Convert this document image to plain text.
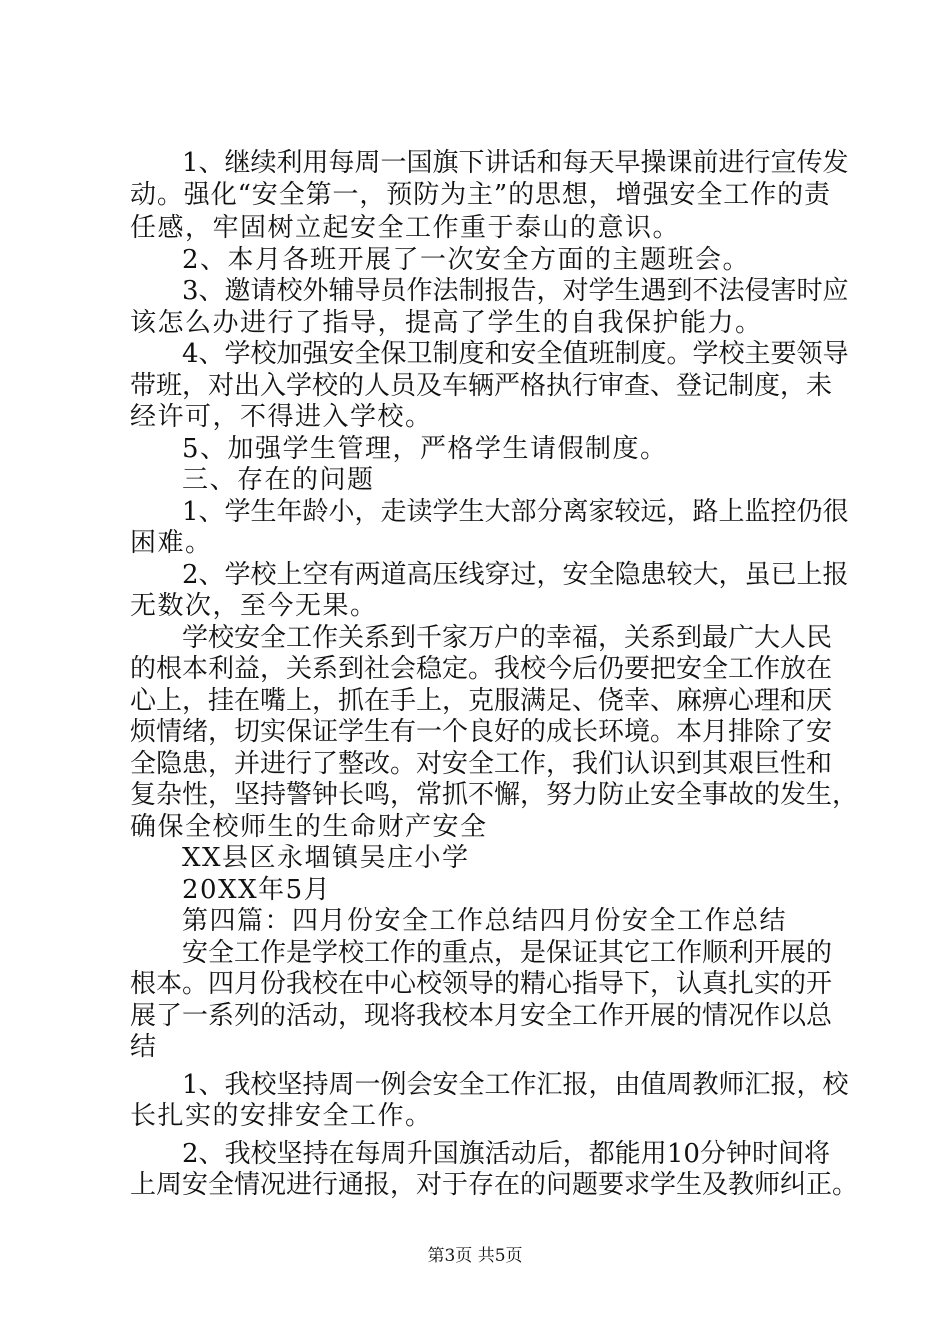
1、继续利用每周一国旗下讲话和每天早操课前进行宣传发
动。强化“安全第一，预防为主”的思想，增强安全工作的责
任感，牢固树立起安全工作重于泰山的意识。
2、本月各班开展了一次安全方面的主题班会。
3、邀请校外辅导员作法制报告，对学生遇到不法侵害时应
该怎么办进行了指导，提高了学生的自我保护能力。
4、学校加强安全保卫制度和安全值班制度。学校主要领导
带班，对出入学校的人员及车辆严格执行审查、登记制度，未
经许可，不得进入学校。
5、加强学生管理，严格学生请假制度。
三、存在的问题
1、学生年龄小，走读学生大部分离家较远，路上监控仍很
困难。
2、学校上空有两道高压线穿过，安全隐患较大，虽已上报
无数次，至今无果。
学校安全工作关系到千家万户的幸福，关系到最广大人民
的根本利益，关系到社会稳定。我校今后仍要把安全工作放在
心上，挂在嘴上，抓在手上，克服满足、侥幸、麻痹心理和厌
烦情绪，切实保证学生有一个良好的成长环境。本月排除了安
全隐患，并进行了整改。对安全工作，我们认识到其艰巨性和
复杂性，坚持警钟长鸣，常抓不懈，努力防止安全事故的发生，
确保全校师生的生命财产安全
XX县区永堌镇吴庄小学
20XX年5月
第四篇：四月份安全工作总结四月份安全工作总结
安全工作是学校工作的重点，是保证其它工作顺利开展的
根本。四月份我校在中心校领导的精心指导下，认真扎实的开
展了一系列的活动，现将我校本月安全工作开展的情况作以总
结
1、我校坚持周一例会安全工作汇报，由值周教师汇报，校
长扎实的安排安全工作。
2、我校坚持在每周升国旗活动后，都能用10分钟时间将
上周安全情况进行通报，对于存在的问题要求学生及教师纠正。
第3页 共5页
